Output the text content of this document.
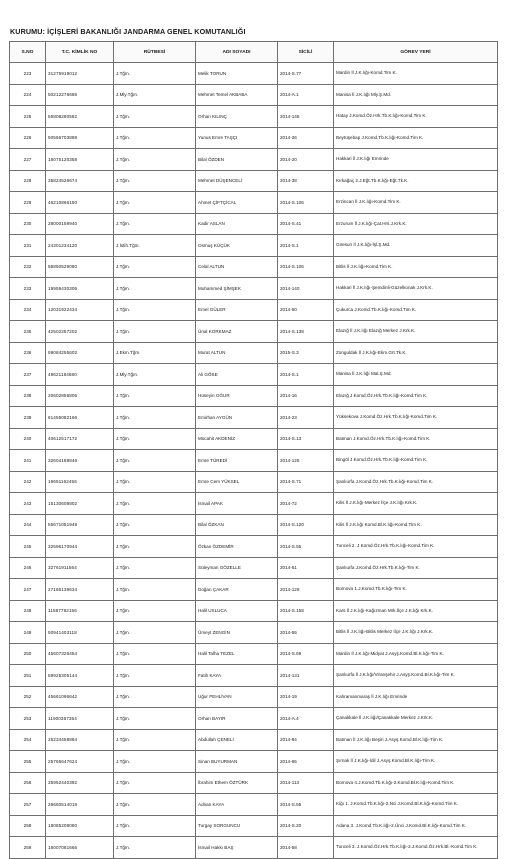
KURUMU: İÇİŞLERİ BAKANLIĞI JANDARMA GENEL KOMUTANLIĞI
S.NO	T.C. KİMLİK NO	RÜTBESİ	ADI SOYADI	SİCİLİ	GÖREV YERİ
223	31275919012	J.Tğm.	Melik TORUN	2014-S.77	Mardin İl J.K.lığı-Komd.Tim K.
224	50212276686	J.Mly.Tğm.	Mehmet Temel AKBABA	2014-A.1	Manisa İl J.K.lığı Mly.Ş.Md.
225	55808280582	J.Tğm.	Orhan KILINÇ	2014-145	Hatay J.Komd.Öz.Hrk.Tb.K.lığı-Komd.Tim K.
226	50566703898	J.Tğm.	Yunus Emre TAŞÇI	2014-26	Beytüşebap J.Komd.Tb.K.lığı-Komd.Tim K.
227	16075120358	J.Tğm.	Bilal ÖZDEN	2014-20	Hakkari İl J.K.lığı Emrinde
228	35824526674	J.Tğm.	Mehmet DÜŞENCELİ	2014-38	Kırkağaç 2.J.Eğt.Tb.K.lığı-Eğt.Tk.K.
229	46210866150	J.Tğm.	Ahmet ÇİFTÇİCAL	2014-S.106	Erzincan İl J.K.lığı-Komd.Tim K.
230	28000159940	J.Tğm.	Kadir ASLAN	2014-S.41	Erzurum İl J.K.lığı-Çat.Hrs.J.Krk.K.
231	24301234120	J.İstih.Tğm.	Osmuş KÜÇÜK	2014-S.1	Giresun İl J.K.lığı-İşl.Ş.Md.
232	56850529080	J.Tğm.	Celal ALTUN	2014-S.106	Bitlis İl J.K.lığı-Komd.Tim K.
233	19959430306	J.Tğm.	Muhammed ŞİMŞEK	2014-140	Hakkari İl J.K.lığı-Şemdinli-Güzelkonak J.Krk.K.
234	12031922434	J.Tğm.	Emel GÜLER	2014-50	Çukurca J.Komd.Tb.K.lığı-Komd.Tim K.
235	42502257202	J.Tğm.	Ünal KORKMAZ	2014-S.138	Elazığ İl J.K.lığı Elazığ Merkez J.Krk.K.
236	59084255602	J.Ekm.Tğm.	Murat ALTUN	2015-S.3	Zonguldak İl J.K.lığı-Ekm.Grt.Tk.K.
237	49621184680	J.Mly.Tğm.	Ali GÖSE	2014-S.1	Manisa İl J.K.lığı Mal.Ş.Md.
238	20602856806	J.Tğm.	Hüseyin OĞUR	2014-16	Elazığ J.Komd.Öz.Hrk.Tb.K.lığı-Komd.Tim K.
239	61455082166	J.Tğm.	Emirhan AYGÜN	2014-23	Yüksekova J.Komd.Öz.Hrk.Tb.K.lığı-Komd.Tim K.
240	40612517172	J.Tğm.	Mücahit AKDENİZ	2014-S.13	Batman J.Komd.Öz.Hrk.Tb.K.lığı-Komd.Tim K.
241	32604188846	J.Tğm.	Emre TÜREDİ	2014-125	Bingöl J.Komd.Öz.Hrk.Tb.K.lığı-Komd.Tim K.
242	19651162456	J.Tğm.	Emre Cem YÜKSEL	2014-S.71	Şanlıurfa J.Komd.Öz.Hrk.Tb.K.lığı-Komd.Tim K.
243	15130608802	J.Tğm.	İsmail APAK	2014-72	Kilis İl J.K.lığı-Merkez İlçe J.K.lığı Krk.K.
244	55671051948	J.Tğm.	Bilal ÖZKAN	2014-S.120	Kilis İl J.K.lığı Komd.Bl.K.lığı-Komd.Tim K.
245	32596170944	J.Tğm.	Özkan ÖZDEMİR	2014-S.55	Tunceli 2. J.Komd.Öz.Hrk.Tb.K.lığı-Komd.Tim K.
246	32761911564	J.Tğm.	Süleyman GÖZELLE	2014-51	Şanlıurfa J.Komd.Öz.Hrk.Tb.K.lığı-Tim K.
247	27166139634	J.Tğm.	Doğan ÇAKAR	2014-129	Bornova 1.J.Komd.Tb.K.lığı-Tim K.
248	11587782156	J.Tğm.	Halil USLUCA	2014-S.158	Kars İl J.K.lığı-Kağızman Mrk.İlçe J.K.lığı Krk.K.
249	50941403118	J.Tğm.	Ümeyt ZENGİN	2014-55	Bitlis İl J.K.lığı-Bitlis Merkez İlçe J.K.lığı J.Krk.K.
250	45607326454	J.Tğm.	Halil Talha TEZEL	2014-S.69	Mardin İl J.K.lığı-Midyat J.Asyş.Komd.Bl.K.lığı-Tim K.
251	59925305144	J.Tğm.	Fatih KAYA	2014-131	Şanlıurfa İl J.K.lığı/Viranşehir J.Asyş.Komd.Bl.K.lığı-Tim K.
252	45661096642	J.Tğm.	Uğur PEHLİVAN	2014-19	Kahramanmaraş İl J.K.lığı Emrinde
253	11900367354	J.Tğm.	Orhan BAYIR	2014-A.4	Çanakkale İl J.K.lığı/Çanakkale Merkez J.Krk.K.
254	25234458884	J.Tğm.	Abdullah ÇENELİ	2014-84	Batman İl J.K.lığı Beşiri J.Asyş.Komd.Bl.K.lığı-Tim K.
255	25765647624	J.Tğm.	Sinan BUYURMAN	2014-65	Şırnak İl J.K.lığı-İdil J.Asyş.Komd.Bl.K.lığı-Tim K.
256	35952440392	J.Tğm.	İbrahim Ethem ÖZTÜRK	2014-113	Bornova 4.J.Komd.Tb.K.lığı-2.Komd.Bl.K.lığı-Komd.Tim K.
257	26660514018	J.Tğm.	Adnan KAYA	2014-S.55	Kiğı 1. J.Komd.Tb.K.lığı-2.Nci J.Komd.Bl.K.lığı-Komd.Tim K.
258	18085208080	J.Tğm.	Turgay SORGUNCU	2014-S.20	Adana 3. J.Komd.Tb.K.lığı-2.Ünci J.Komd.Bl.K.lığı-Komd.Tim K.
259	16007081666	J.Tğm.	İsmail Hakkı BAŞ	2014-58	Tunceli 3. J.Komd.Öz.Hrk.Tb.K.lığı-2.J.Komd.Öz.Hrk.Bl.-Komd.Tim K.
